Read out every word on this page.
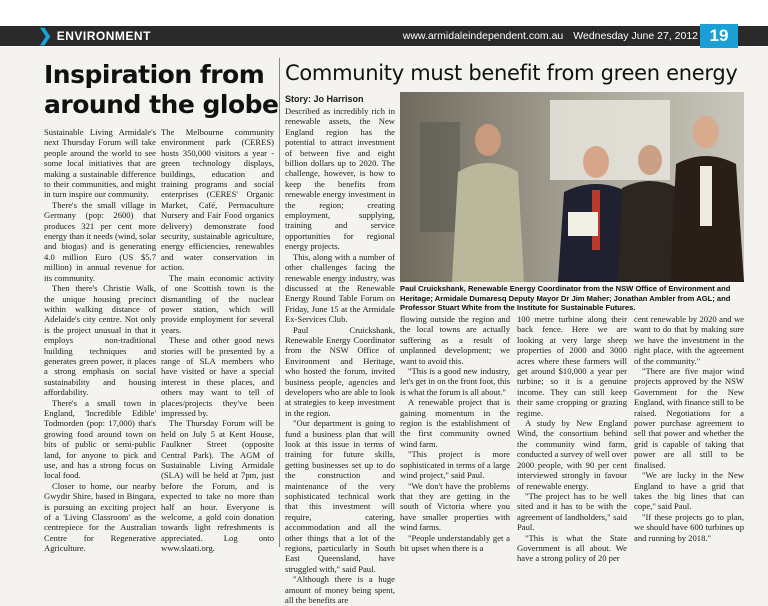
❯ ENVIRONMENT	www.armidaleindependent.com.au Wednesday June 27, 2012 19
Inspiration from around the globe
Community must benefit from green energy
Story: Jo Harrison

Sustainable Living Armidale's next Thursday Forum will take people around the world to see some local initiatives that are making a sustainable difference to their communities, and might in turn inspire our community.

There's the small village in Germany (pop: 2600) that produces 321 per cent more energy than it needs (wind, solar and biogas) and is generating 4.0 million Euro (US $5.7 million) in annual revenue for its community.

Then there's Christie Walk, the unique housing precinct within walking distance of Adelaide's city centre. Not only is the project unusual in that it employs non-traditional building techniques and generates green power, it places a strong emphasis on social sustainability and housing affordability.

There's a small town in England, 'Incredible Edible' Todmorden (pop: 17,000) that's growing food around town on bits of public or semi-public land, for anyone to pick and use, and has a strong focus on local food.

Closer to home, our nearby Gwydir Shire, based in Bingara, is pursuing an exciting project of a 'Living Classroom' as the centrepiece for the Australian Centre for Regenerative Agriculture.

The Melbourne community environment park (CERES) hosts 350,000 visitors a year - green technology displays, buildings, education and training programs and social enterprises (CERES' Organic Market, Café, Permaculture Nursery and Fair Food organics delivery) demonstrate food security, sustainable agriculture, energy efficiencies, renewables and water conservation in action.

The main economic activity of one Scottish town is the dismantling of the nuclear power station, which will provide employment for several years.

These and other good news stories will be presented by a range of SLA members who have visited or have a special interest in these places, and others may want to tell of places/projects they've been impressed by.

The Thursday Forum will be held on July 5 at Kent House, Faulkner Street (opposite Central Park). The AGM of Sustainable Living Armidale (SLA) will be held at 7pm, just before the Forum, and is expected to take no more than half an hour. Everyone is welcome, a gold coin donation towards light refreshments is appreciated. Log onto www.slaati.org.

Described as incredibly rich in renewable assets, the New England region has the potential to attract investment of between five and eight billion dollars up to 2020. The challenge, however, is how to keep the benefits from renewable energy investment in the region; creating employment, supplying, training and service opportunities for regional energy projects.

This, along with a number of other challenges facing the renewable energy industry, was discussed at the Renewable Energy Round Table Forum on Friday, June 15 at the Armidale Ex-Services Club.

Paul Cruickshank, Renewable Energy Coordinator from the NSW Office of Environment and Heritage, who hosted the forum, invited business people, agencies and developers who are able to look at strategies to keep investment in the region.

"Our department is going to fund a business plan that will look at this issue in terms of training for future skills, getting businesses set up to do the construction and maintenance of the very sophisticated technical work that this investment will require, catering, accommodation and all the other things that a lot of the regions, particularly in South East Queensland, have struggled with," said Paul.

"Although there is a huge amount of money being spent, all the benefits are

Paul Cruickshank, Renewable Energy Coordinator from the NSW Office of Environment and Heritage; Armidale Dumaresq Deputy Mayor Dr Jim Maher; Jonathan Ambler from AGL; and Professor Stuart White from the Institute for Sustainable Futures.

flowing outside the region and the local towns are actually suffering as a result of unplanned development; we want to avoid this.

"This is a good new industry, let's get in on the front foot, this is what the forum is all about."

A renewable project that is gaining momentum in the region is the establishment of the first community owned wind farm.

"This project is more sophisticated in terms of a large wind project," said Paul.

"We don't have the problems that they are getting in the south of Victoria where you have smaller properties with wind farms.

"People understandably get a bit upset when there is a

100 metre turbine along their back fence. Here we are looking at very large sheep properties of 2000 and 3000 acres where these farmers will get around $10,000 a year per turbine; so it is a genuine income. They can still keep their same cropping or grazing regime.

A study by New England Wind, the consortium behind the community wind farm, conducted a survey of well over 2000 people, with 90 per cent interviewed strongly in favour of renewable energy.

"The project has to be well sited and it has to be with the agreement of landholders," said Paul.

"This is what the State Government is all about. We have a strong policy of 20 per

cent renewable by 2020 and we want to do that by making sure we have the investment in the right place, with the agreement of the community."

"There are five major wind projects approved by the NSW Government for the New England, with finance still to be raised. Negotiations for a power purchase agreement to sell that power and whether the grid is capable of taking that power are all still to be finalised.

"We are lucky in the New England to have a grid that takes the big lines that can cope," said Paul.

"If these projects go to plan, we should have 600 turbines up and running by 2018."
